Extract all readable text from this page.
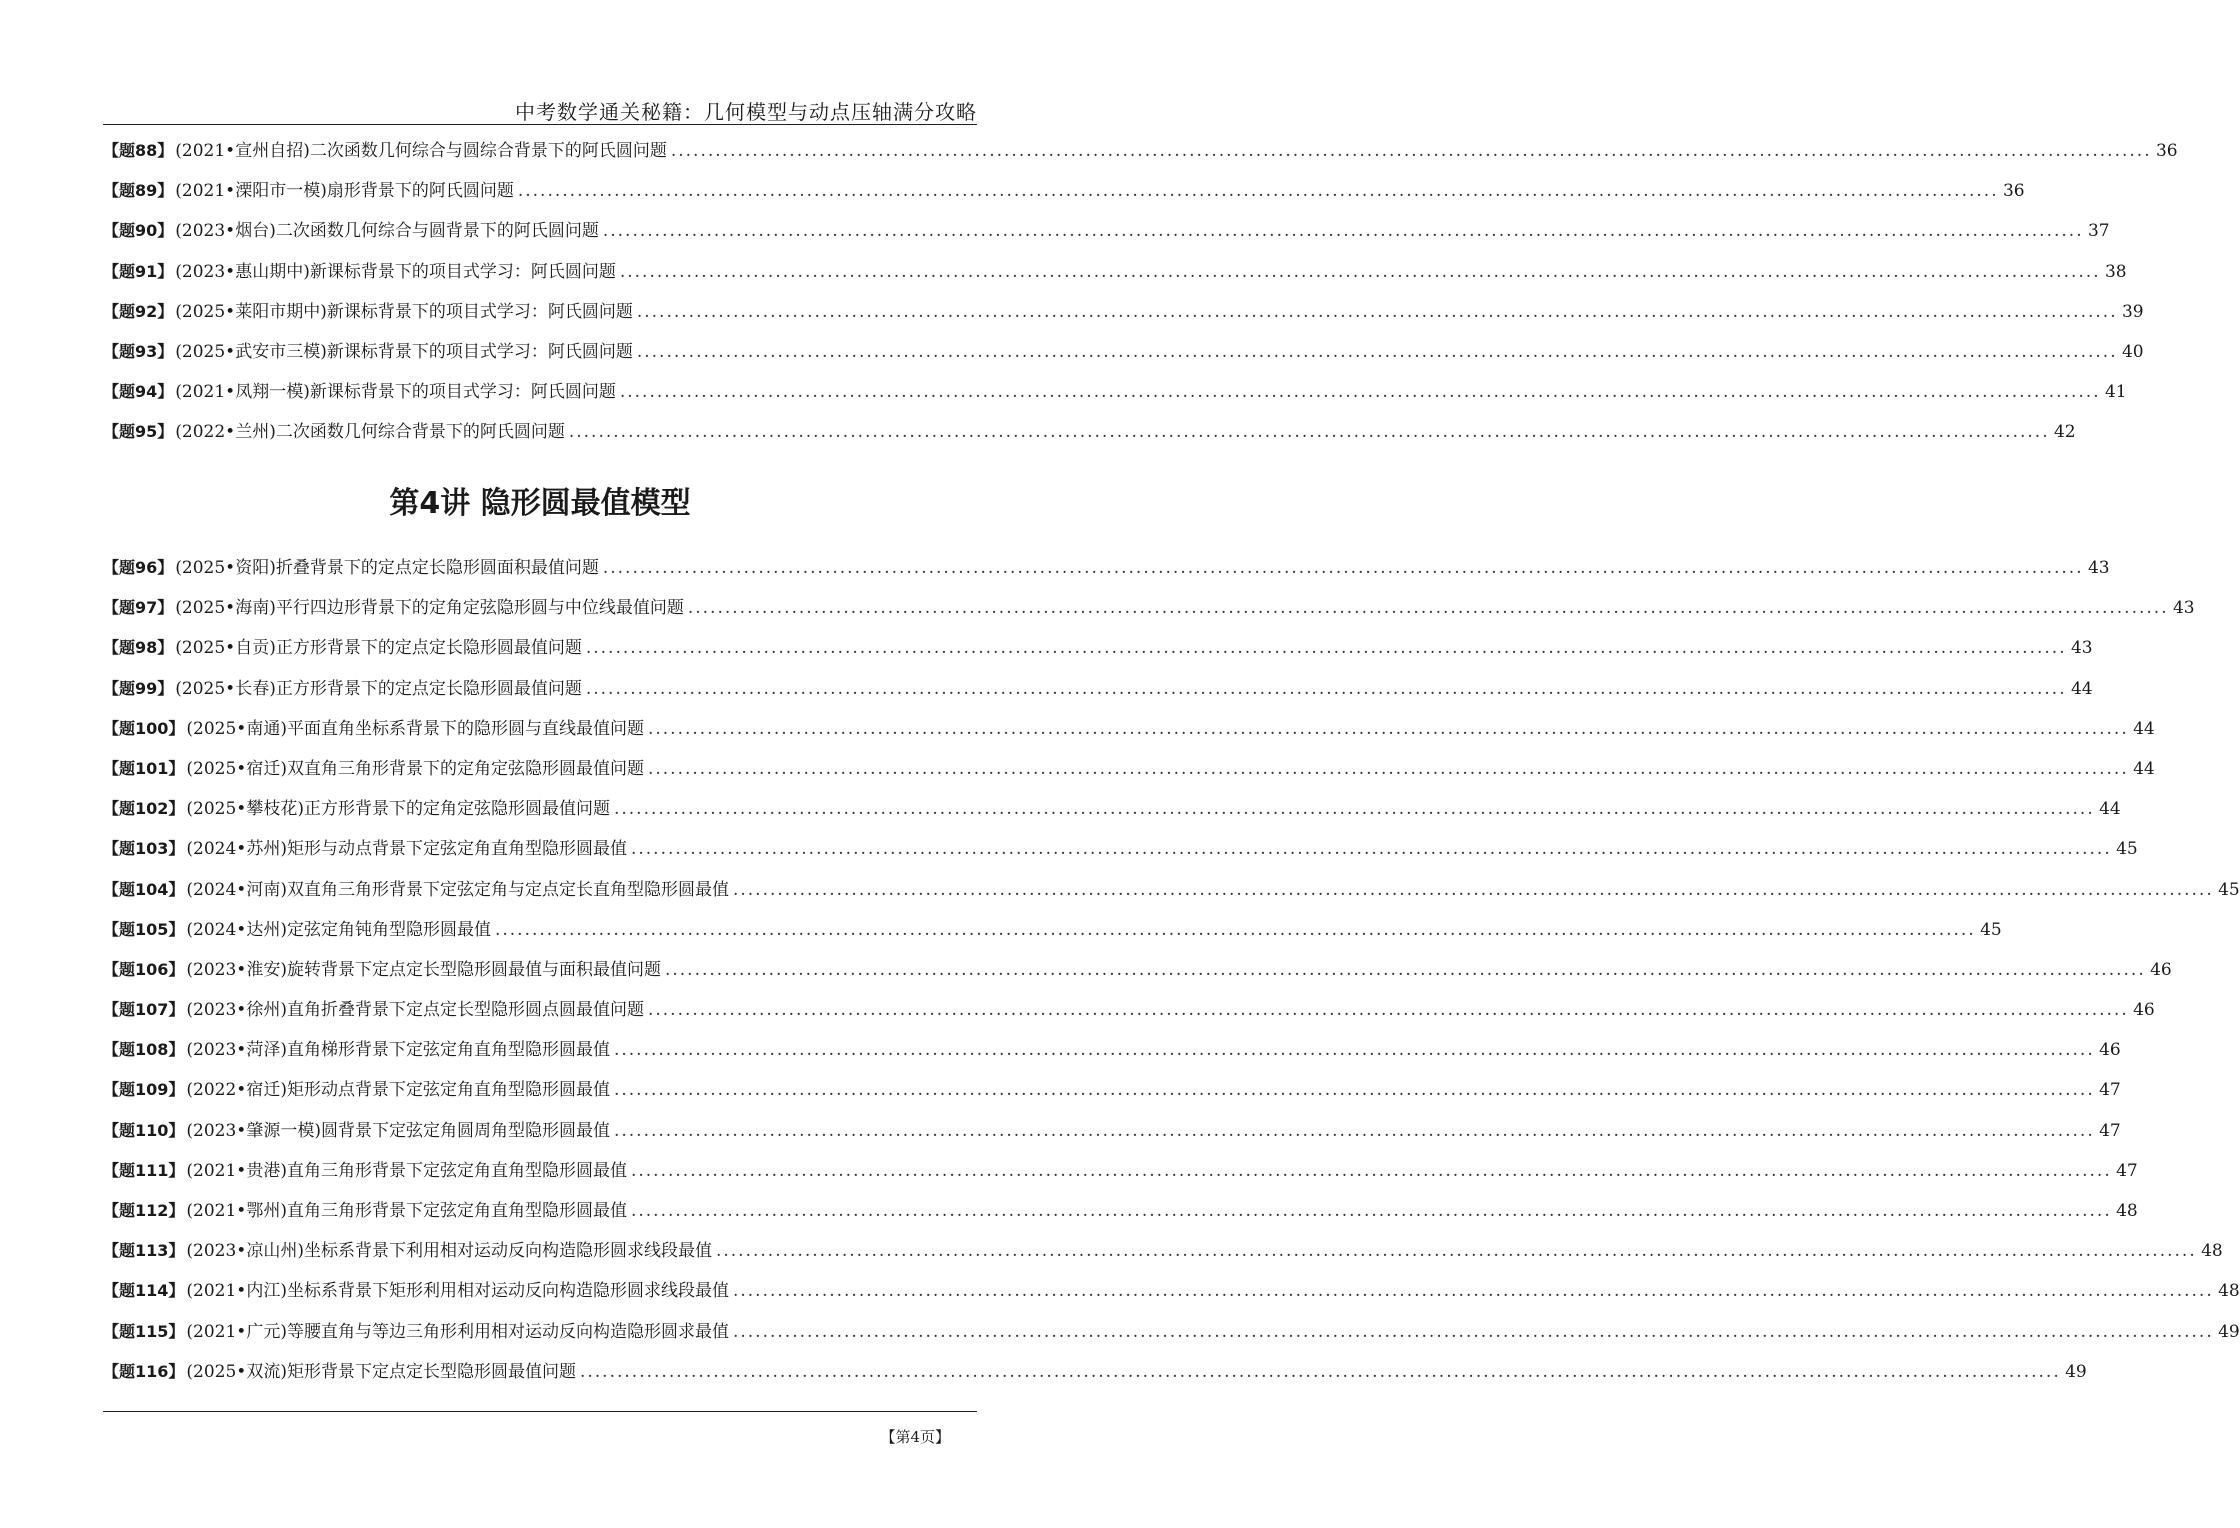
中考数学通关秘籍：几何模型与动点压轴满分攻略
【题88】 (2021•宣州自招)二次函数几何综合与圆综合背景下的阿氏圆问题 ........................................................................................................................................................................................................ 36
【题89】 (2021•溧阳市一模)扇形背景下的阿氏圆问题 ........................................................................................................................................................................................................ 36
【题90】 (2023•烟台)二次函数几何综合与圆背景下的阿氏圆问题 ........................................................................................................................................................................................................ 37
【题91】 (2023•惠山期中)新课标背景下的项目式学习：阿氏圆问题 ........................................................................................................................................................................................................ 38
【题92】 (2025•莱阳市期中)新课标背景下的项目式学习：阿氏圆问题 ........................................................................................................................................................................................................ 39
【题93】 (2025•武安市三模)新课标背景下的项目式学习：阿氏圆问题 ........................................................................................................................................................................................................ 40
【题94】 (2021•凤翔一模)新课标背景下的项目式学习：阿氏圆问题 ........................................................................................................................................................................................................ 41
【题95】 (2022•兰州)二次函数几何综合背景下的阿氏圆问题 ........................................................................................................................................................................................................ 42
第4讲 隐形圆最值模型
【题96】 (2025•资阳)折叠背景下的定点定长隐形圆面积最值问题 ........................................................................................................................................................................................................ 43
【题97】 (2025•海南)平行四边形背景下的定角定弦隐形圆与中位线最值问题 ........................................................................................................................................................................................................ 43
【题98】 (2025•自贡)正方形背景下的定点定长隐形圆最值问题 ........................................................................................................................................................................................................ 43
【题99】 (2025•长春)正方形背景下的定点定长隐形圆最值问题 ........................................................................................................................................................................................................ 44
【题100】 (2025•南通)平面直角坐标系背景下的隐形圆与直线最值问题 ........................................................................................................................................................................................................ 44
【题101】 (2025•宿迁)双直角三角形背景下的定角定弦隐形圆最值问题 ........................................................................................................................................................................................................ 44
【题102】 (2025•攀枝花)正方形背景下的定角定弦隐形圆最值问题 ........................................................................................................................................................................................................ 44
【题103】 (2024•苏州)矩形与动点背景下定弦定角直角型隐形圆最值 ........................................................................................................................................................................................................ 45
【题104】 (2024•河南)双直角三角形背景下定弦定角与定点定长直角型隐形圆最值 ........................................................................................................................................................................................................ 45
【题105】 (2024•达州)定弦定角钝角型隐形圆最值 ........................................................................................................................................................................................................ 45
【题106】 (2023•淮安)旋转背景下定点定长型隐形圆最值与面积最值问题 ........................................................................................................................................................................................................ 46
【题107】 (2023•徐州)直角折叠背景下定点定长型隐形圆点圆最值问题 ........................................................................................................................................................................................................ 46
【题108】 (2023•菏泽)直角梯形背景下定弦定角直角型隐形圆最值 ........................................................................................................................................................................................................ 46
【题109】 (2022•宿迁)矩形动点背景下定弦定角直角型隐形圆最值 ........................................................................................................................................................................................................ 47
【题110】 (2023•肇源一模)圆背景下定弦定角圆周角型隐形圆最值 ........................................................................................................................................................................................................ 47
【题111】 (2021•贵港)直角三角形背景下定弦定角直角型隐形圆最值 ........................................................................................................................................................................................................ 47
【题112】 (2021•鄂州)直角三角形背景下定弦定角直角型隐形圆最值 ........................................................................................................................................................................................................ 48
【题113】 (2023•凉山州)坐标系背景下利用相对运动反向构造隐形圆求线段最值 ........................................................................................................................................................................................................ 48
【题114】 (2021•内江)坐标系背景下矩形利用相对运动反向构造隐形圆求线段最值 ........................................................................................................................................................................................................ 48
【题115】 (2021•广元)等腰直角与等边三角形利用相对运动反向构造隐形圆求最值 ........................................................................................................................................................................................................ 49
【题116】 (2025•双流)矩形背景下定点定长型隐形圆最值问题 ........................................................................................................................................................................................................ 49
【第4页】
